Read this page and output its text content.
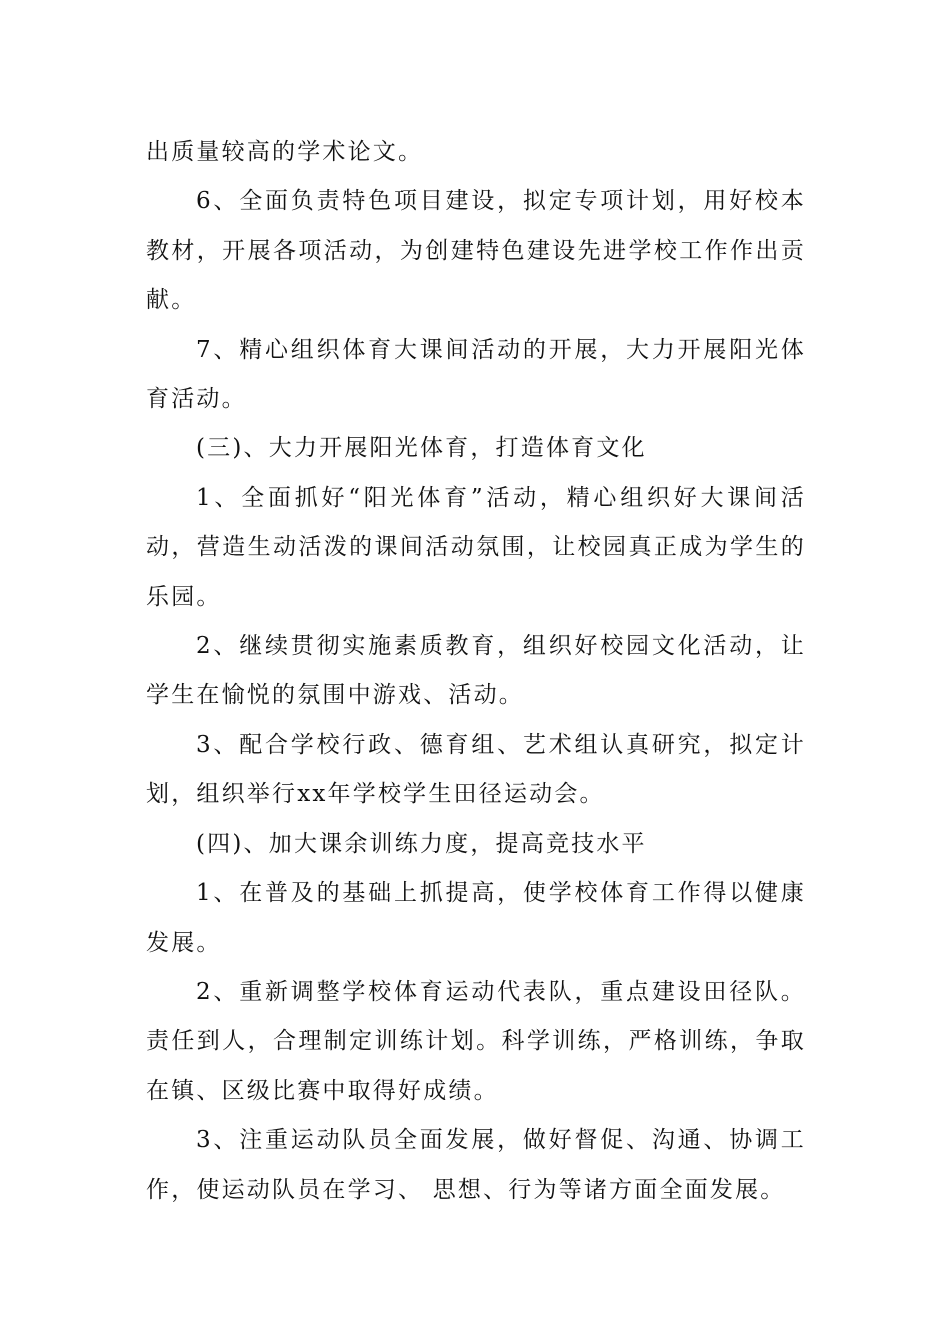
出质量较高的学术论文。

6、全面负责特色项目建设，拟定专项计划，用好校本教材，开展各项活动，为创建特色建设先进学校工作作出贡献。

7、精心组织体育大课间活动的开展，大力开展阳光体育活动。

(三)、大力开展阳光体育，打造体育文化

1、全面抓好“阳光体育”活动，精心组织好大课间活动，营造生动活泼的课间活动氛围，让校园真正成为学生的乐园。

2、继续贯彻实施素质教育，组织好校园文化活动，让学生在愉悦的氛围中游戏、活动。

3、配合学校行政、德育组、艺术组认真研究，拟定计划，组织举行xx年学校学生田径运动会。

(四)、加大课余训练力度，提高竞技水平

1、在普及的基础上抓提高，使学校体育工作得以健康发展。

2、重新调整学校体育运动代表队，重点建设田径队。责任到人，合理制定训练计划。科学训练，严格训练，争取在镇、区级比赛中取得好成绩。

3、注重运动队员全面发展，做好督促、沟通、协调工作，使运动队员在学习、 思想、行为等诸方面全面发展。
